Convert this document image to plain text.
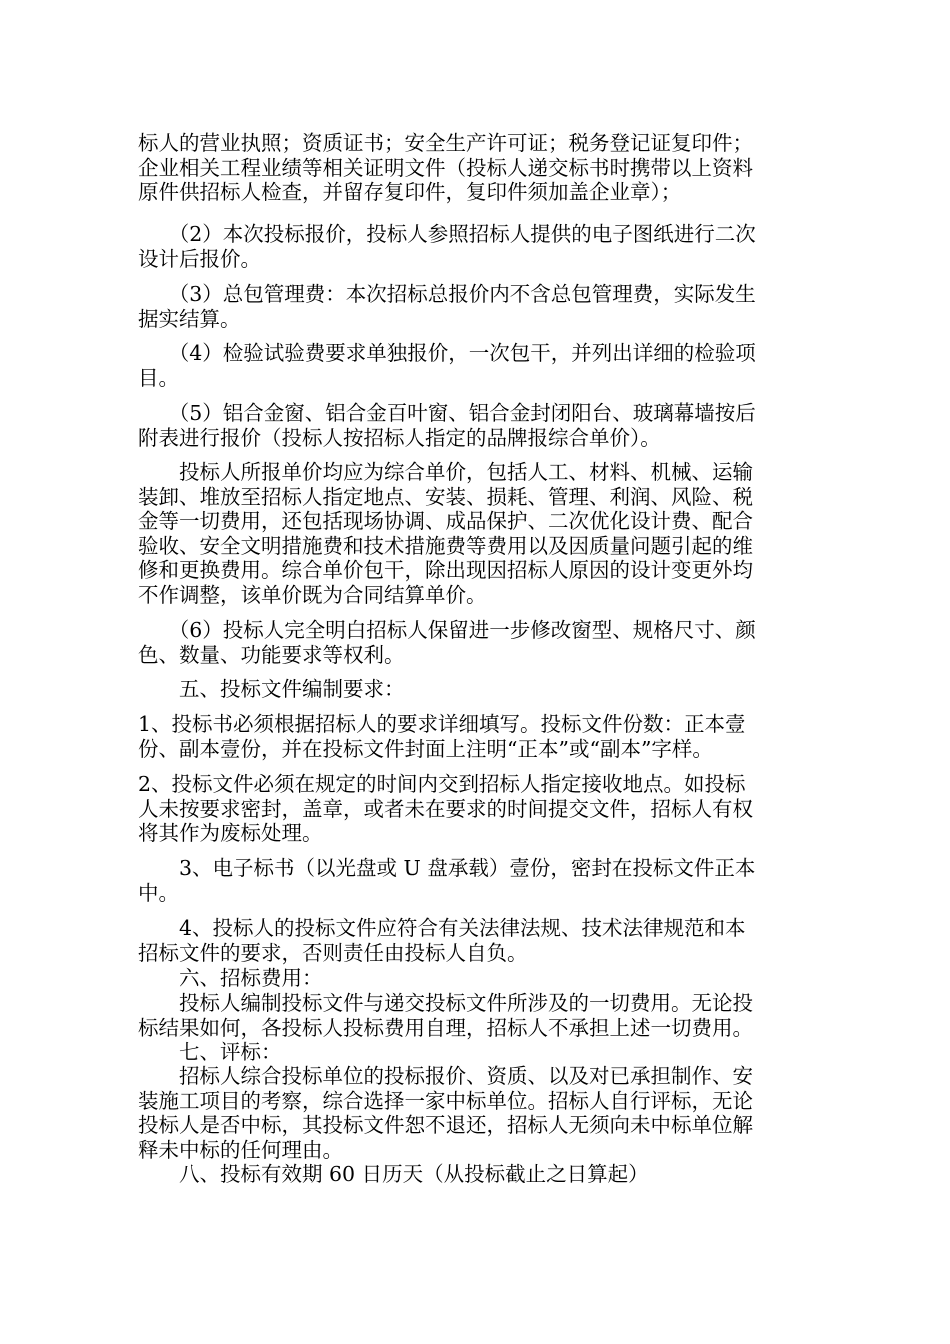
标人的营业执照；资质证书；安全生产许可证；税务登记证复印件；
企业相关工程业绩等相关证明文件（投标人递交标书时携带以上资料
原件供招标人检查，并留存复印件，复印件须加盖企业章）；

　　（2）本次投标报价，投标人参照招标人提供的电子图纸进行二次
设计后报价。

　　（3）总包管理费：本次招标总报价内不含总包管理费，实际发生
据实结算。

　　（4）检验试验费要求单独报价，一次包干，并列出详细的检验项
目。

　　（5）铝合金窗、铝合金百叶窗、铝合金封闭阳台、玻璃幕墙按后
附表进行报价（投标人按招标人指定的品牌报综合单价）。

　　投标人所报单价均应为综合单价，包括人工、材料、机械、运输
装卸、堆放至招标人指定地点、安装、损耗、管理、利润、风险、税
金等一切费用，还包括现场协调、成品保护、二次优化设计费、配合
验收、安全文明措施费和技术措施费等费用以及因质量问题引起的维
修和更换费用。综合单价包干，除出现因招标人原因的设计变更外均
不作调整，该单价既为合同结算单价。

　　（6）投标人完全明白招标人保留进一步修改窗型、规格尺寸、颜
色、数量、功能要求等权利。

　　五、投标文件编制要求：

1、投标书必须根据招标人的要求详细填写。投标文件份数：正本壹
份、副本壹份，并在投标文件封面上注明“正本”或“副本”字样。

2、投标文件必须在规定的时间内交到招标人指定接收地点。如投标
人未按要求密封，盖章，或者未在要求的时间提交文件，招标人有权
将其作为废标处理。

　　3、电子标书（以光盘或 U 盘承载）壹份，密封在投标文件正本
中。

　　4、投标人的投标文件应符合有关法律法规、技术法律规范和本
招标文件的要求，否则责任由投标人自负。

　　六、招标费用：

　　投标人编制投标文件与递交投标文件所涉及的一切费用。无论投
标结果如何，各投标人投标费用自理，招标人不承担上述一切费用。

　　七、评标：

　　招标人综合投标单位的投标报价、资质、以及对已承担制作、安
装施工项目的考察，综合选择一家中标单位。招标人自行评标，无论
投标人是否中标，其投标文件恕不退还，招标人无须向未中标单位解
释未中标的任何理由。

　　八、投标有效期 60 日历天（从投标截止之日算起）
